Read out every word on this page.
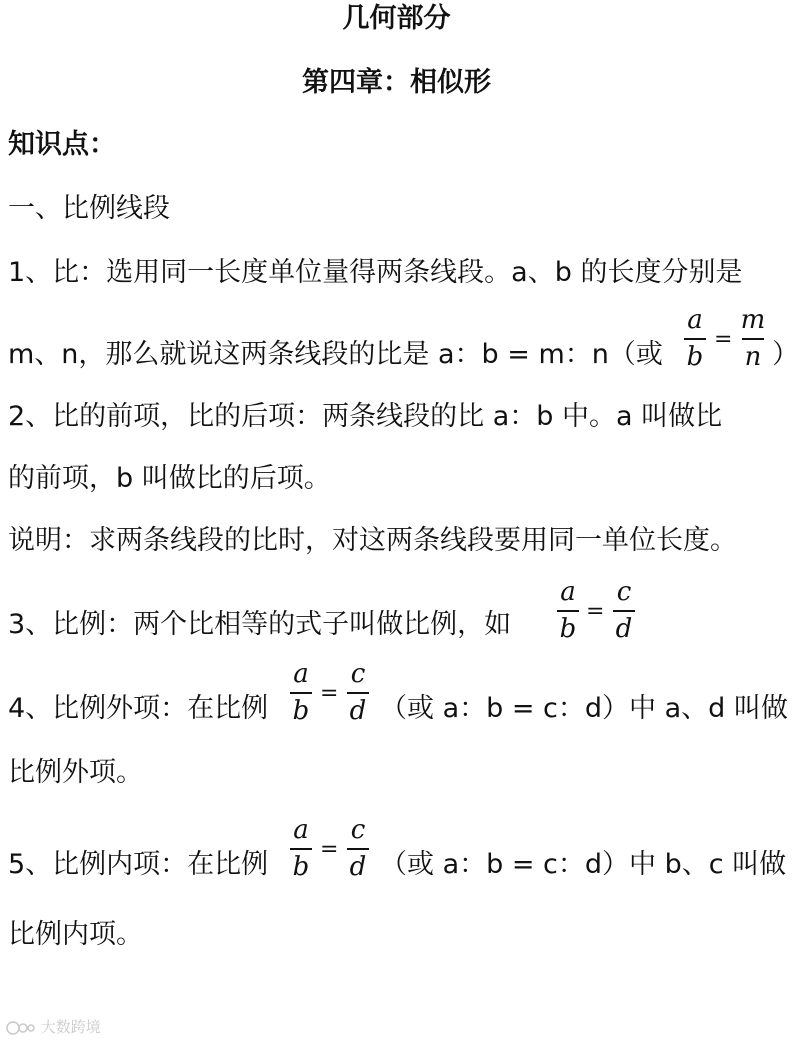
几何部分
第四章：相似形
知识点：
一、比例线段
1、比：选用同一长度单位量得两条线段。a、b 的长度分别是
m、n，那么就说这两条线段的比是 a：b = m：n（或
a
b
=
m
n ）
2、比的前项，比的后项：两条线段的比 a：b 中。a 叫做比
的前项，b 叫做比的后项。
说明：求两条线段的比时，对这两条线段要用同一单位长度。
3、比例：两个比相等的式子叫做比例，如
a
b
=
c
d
4、比例外项：在比例
a
b
=
c
d （或 a：b = c：d）中 a、d 叫做
比例外项。
5、比例内项：在比例
a
b
=
c
d （或 a：b = c：d）中 b、c 叫做
比例内项。
大数跨境
